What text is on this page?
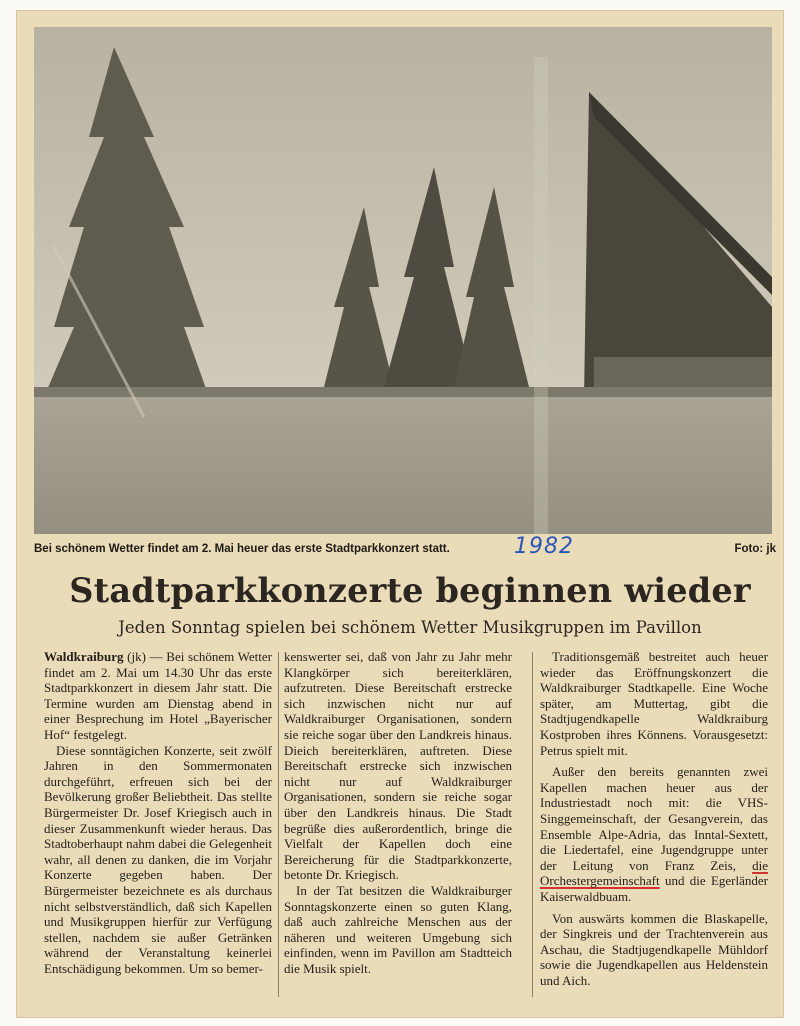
Bei schönem Wetter findet am 2. Mai heuer das erste Stadtparkkonzert statt.	1982	Foto: jk
Stadtparkkonzerte beginnen wieder
Jeden Sonntag spielen bei schönem Wetter Musikgruppen im Pavillon

Waldkraiburg (jk) — Bei schönem Wetter findet am 2. Mai um 14.30 Uhr das erste Stadtparkkonzert in diesem Jahr statt. Die Termine wurden am Dienstag abend in einer Besprechung im Hotel „Bayerischer Hof“ festgelegt.

Diese sonntägichen Konzerte, seit zwölf Jahren in den Sommermonaten durchgeführt, erfreuen sich bei der Bevölkerung großer Beliebtheit. Das stellte Bürgermeister Dr. Josef Kriegisch auch in dieser Zusammenkunft wieder heraus. Das Stadtoberhaupt nahm dabei die Gelegenheit wahr, all denen zu danken, die im Vorjahr Konzerte gegeben haben. Der Bürgermeister bezeichnete es als durchaus nicht selbstverständlich, daß sich Kapellen und Musikgruppen hierfür zur Verfügung stellen, nachdem sie außer Getränken während der Veranstaltung keinerlei Entschädigung bekommen. Um so bemer-

kenswerter sei, daß von Jahr zu Jahr mehr Klangkörper sich bereiterklären, aufzutreten. Diese Bereitschaft erstrecke sich inzwischen nicht nur auf Waldkraiburger Organisationen, sondern sie reiche sogar über den Landkreis hinaus. Dieich bereiterklären, auftreten. Diese Bereitschaft erstrecke sich inzwischen nicht nur auf Waldkraiburger Organisationen, sondern sie reiche sogar über den Landkreis hinaus. Die Stadt begrüße dies außerordentlich, bringe die Vielfalt der Kapellen doch eine Bereicherung für die Stadtparkkonzerte, betonte Dr. Kriegisch.

In der Tat besitzen die Waldkraiburger Sonntagskonzerte einen so guten Klang, daß auch zahlreiche Menschen aus der näheren und weiteren Umgebung sich einfinden, wenn im Pavillon am Stadtteich die Musik spielt.

Traditionsgemäß bestreitet auch heuer wieder das Eröffnungskonzert die Waldkraiburger Stadtkapelle. Eine Woche später, am Muttertag, gibt die Stadtjugendkapelle Waldkraiburg Kostproben ihres Könnens. Vorausgesetzt: Petrus spielt mit.

Außer den bereits genannten zwei Kapellen machen heuer aus der Industriestadt noch mit: die VHS-Singgemeinschaft, der Gesangverein, das Ensemble Alpe-Adria, das Inntal-Sextett, die Liedertafel, eine Jugendgruppe unter der Leitung von Franz Zeis, die Orchestergemeinschaft und die Egerländer Kaiserwaldbuam.

Von auswärts kommen die Blaskapelle, der Singkreis und der Trachtenverein aus Aschau, die Stadtjugendkapelle Mühldorf sowie die Jugendkapellen aus Heldenstein und Aich.
